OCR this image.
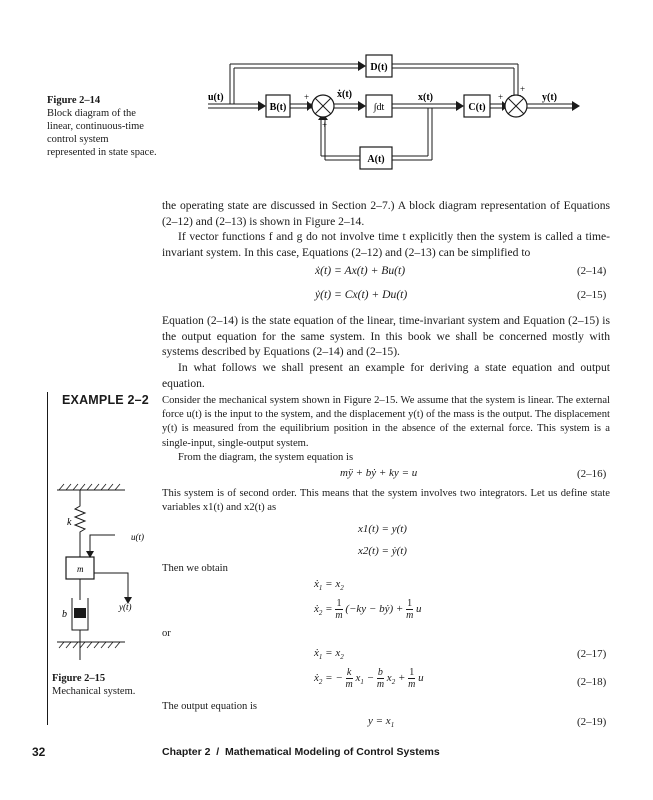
Figure 2–14
Block diagram of the linear, continuous-time control system represented in state space.
D(t)
B(t)	∫dt	C(t)
A(t)
u(t)	ẋ(t)	x(t)	y(t)
+
+
+
+
the operating state are discussed in Section 2–7.) A block diagram representation of Equations (2–12) and (2–13) is shown in Figure 2–14.
If vector functions f and g do not involve time t explicitly then the system is called a time-invariant system. In this case, Equations (2–12) and (2–13) can be simplified to
ẋ(t) = Ax(t) + Bu(t)	(2–14)
ẏ(t) = Cx(t) + Du(t)	(2–15)
Equation (2–14) is the state equation of the linear, time-invariant system and Equation (2–15) is the output equation for the same system. In this book we shall be concerned mostly with systems described by Equations (2–14) and (2–15).
In what follows we shall present an example for deriving a state equation and output equation.
EXAMPLE 2–2 Consider the mechanical system shown in Figure 2–15. We assume that the system is linear. The external force u(t) is the input to the system, and the displacement y(t) of the mass is the output. The displacement y(t) is measured from the equilibrium position in the absence of the external force. This system is a single-input, single-output system.
From the diagram, the system equation is
mÿ + bẏ + ky = u	(2–16)
This system is of second order. This means that the system involves two integrators. Let us define state variables x1(t) and x2(t) as
x1(t) = y(t)
x2(t) = ẏ(t)
Then we obtain
ẋ$_1$ = $x_2$
ẋ$_2$ = $\frac{1}{m} (-ky$ − bẏ) + $\frac{1}{m}$ u
or
ẋ$_1$ = $x_2$	(2–17)
ẋ$_2$ = − $\frac{k}{m} x_1 - \frac{b}{m} x_2 + \frac{1}{m}$ u	(2–18)
The output equation is
$y = x_1$	(2–19)
k
m
b
u(t)
y(t)
Figure 2–15
Mechanical system.
32	Chapter 2  /  Mathematical Modeling of Control Systems
